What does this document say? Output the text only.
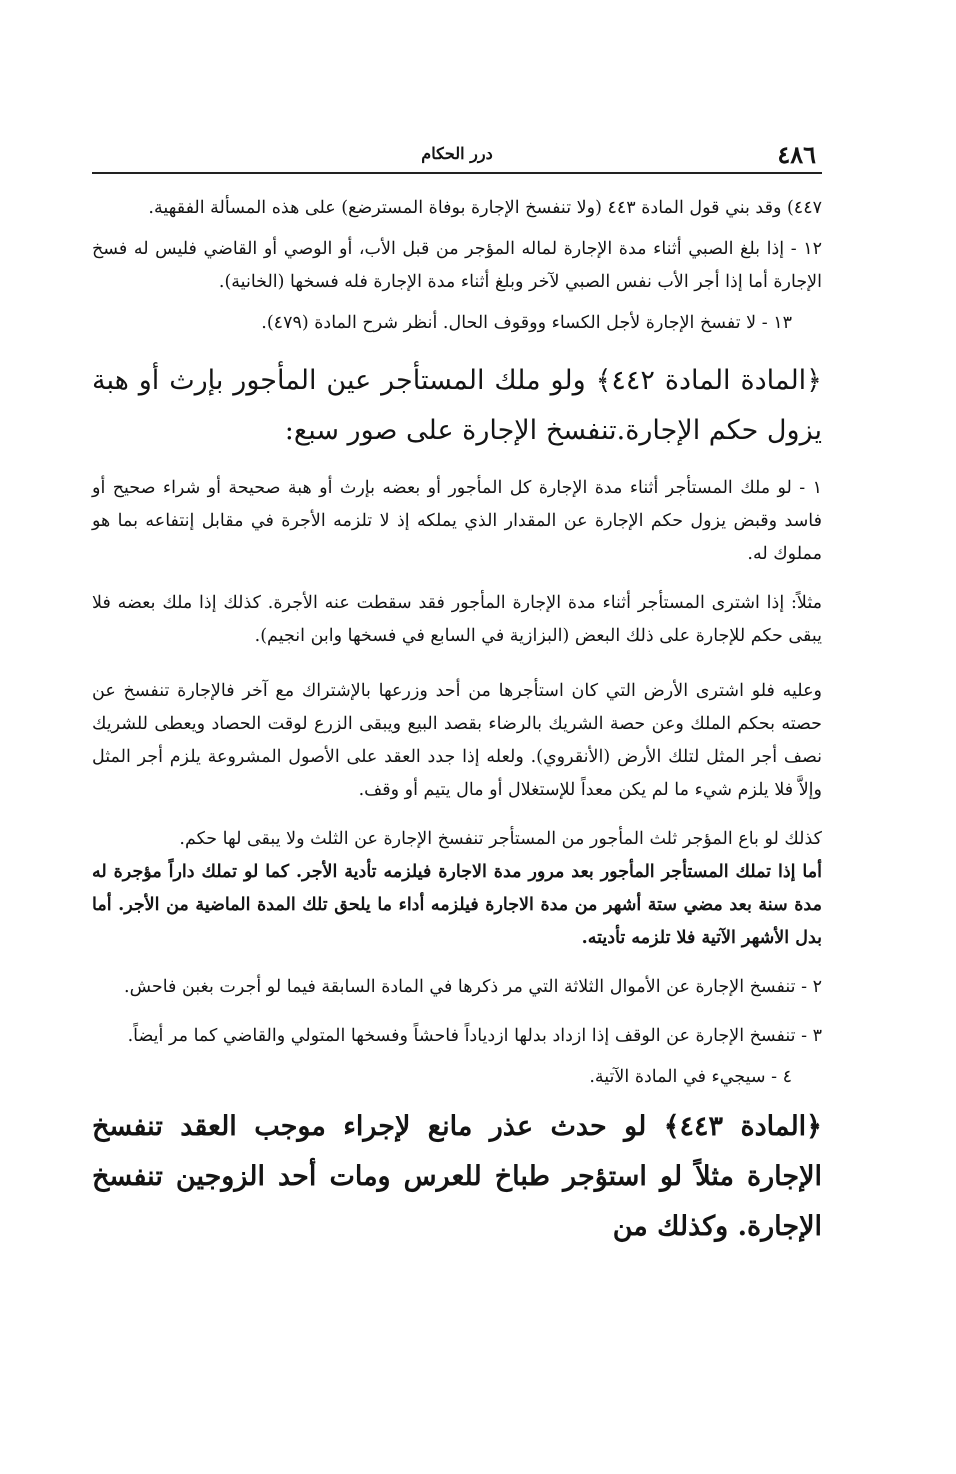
٤٨٦
درر الحكام

٤٤٧) وقد بني قول المادة ٤٤٣ (ولا تنفسخ الإجارة بوفاة المسترضع) على هذه المسألة الفقهية.

١٢ - إذا بلغ الصبي أثناء مدة الإجارة لماله المؤجر من قبل الأب، أو الوصي أو القاضي فليس له فسخ الإجارة أما إذا أجر الأب نفس الصبي لآخر وبلغ أثناء مدة الإجارة فله فسخها (الخانية).

١٣ - لا تفسخ الإجارة لأجل الكساء ووقوف الحال. أنظر شرح المادة (٤٧٩).

﴿المادة المادة ٤٤٢﴾ ولو ملك المستأجر عين المأجور بإرث أو هبة يزول حكم الإجارة.تنفسخ الإجارة على صور سبع:

١ - لو ملك المستأجر أثناء مدة الإجارة كل المأجور أو بعضه بإرث أو هبة صحيحة أو شراء صحيح أو فاسد وقبض يزول حكم الإجارة عن المقدار الذي يملكه إذ لا تلزمه الأجرة في مقابل إنتفاعه بما هو مملوك له.

مثلاً: إذا اشترى المستأجر أثناء مدة الإجارة المأجور فقد سقطت عنه الأجرة. كذلك إذا ملك بعضه فلا يبقى حكم للإجارة على ذلك البعض (البزازية في السابع في فسخها وابن انجيم).

وعليه فلو اشترى الأرض التي كان استأجرها من أحد وزرعها بالإشتراك مع آخر فالإجارة تنفسخ عن حصته بحكم الملك وعن حصة الشريك بالرضاء بقصد البيع ويبقى الزرع لوقت الحصاد ويعطى للشريك نصف أجر المثل لتلك الأرض (الأنقروي). ولعله إذا جدد العقد على الأصول المشروعة يلزم أجر المثل وإلاَّ فلا يلزم شيء ما لم يكن معداً للإستغلال أو مال يتيم أو وقف.

كذلك لو باع المؤجر ثلث المأجور من المستأجر تنفسخ الإجارة عن الثلث ولا يبقى لها حكم.

أما إذا تملك المستأجر المأجور بعد مرور مدة الاجارة فيلزمه تأدية الأجر. كما لو تملك داراً مؤجرة له مدة سنة بعد مضي ستة أشهر من مدة الاجارة فيلزمه أداء ما يلحق تلك المدة الماضية من الأجر. أما بدل الأشهر الآتية فلا تلزمه تأديته.

٢ - تنفسخ الإجارة عن الأموال الثلاثة التي مر ذكرها في المادة السابقة فيما لو أجرت بغبن فاحش.

٣ - تنفسخ الإجارة عن الوقف إذا ازداد بدلها ازدياداً فاحشاً وفسخها المتولي والقاضي كما مر أيضاً.

٤ - سيجيء في المادة الآتية.

﴿المادة ٤٤٣﴾ لو حدث عذر مانع لإجراء موجب العقد تنفسخ الإجارة مثلاً لو استؤجر طباخ للعرس ومات أحد الزوجين تنفسخ الإجارة. وكذلك من
